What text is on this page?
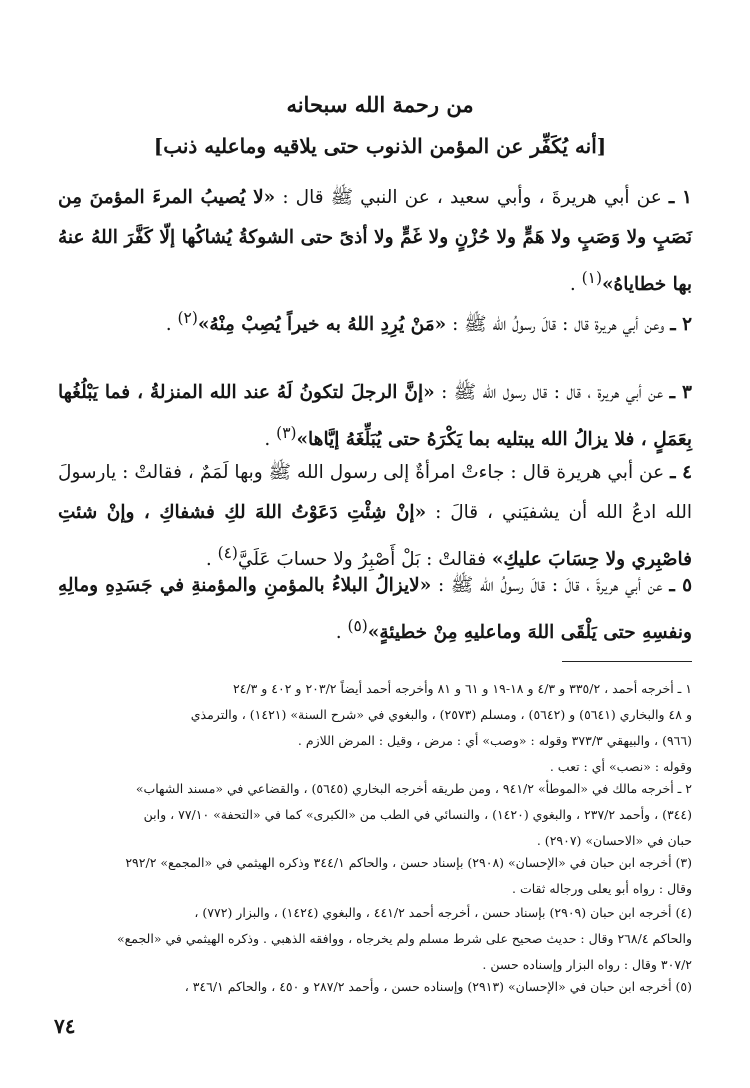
من رحمة الله سبحانه
[أنه يُكَفِّر عن المؤمن الذنوب حتى يلاقيه وماعليه ذنب]
١ ـ عن أبي هريرةَ ، وأبي سعيد ، عن النبي ﷺ قال : «لا يُصيبُ المرءَ المؤمنَ مِن نَصَبٍ ولا وَصَبٍ ولا هَمٍّ ولا حُزْنٍ ولا غَمٍّ ولا أذىً حتى الشوكةُ يُشاكُها إلّا كَفَّرَ اللهُ عنهُ بها خطاياهُ»$^{(١)}$ .
٢ ـ وعن أبي هريرة قال : قالَ رسولُ الله ﷺ : «مَنْ يُرِدِ اللهُ به خيراً يُصِبْ مِنْهُ»$^{(٢)}$ .
٣ ـ عن أبي هريرة ، قال : قال رسول الله ﷺ : «إنَّ الرجلَ لتكونُ لَهُ عند الله المنزلةُ ، فما يَبْلُغُها بِعَمَلٍ ، فلا يزالُ الله يبتليه بما يَكْرَهُ حتى يُبَلِّغَهُ إيَّاها»$^{(٣)}$ .
٤ ـ عن أبي هريرة قال : جاءتْ امرأةٌ إلى رسول الله ﷺ وبها لَمَمٌ ، فقالتْ : يارسولَ الله ادعُ الله أن يشفيَني ، قالَ : «إنْ شِئْتِ دَعَوْتُ اللهَ لكِ فشفاكِ ، وإنْ شئتِ فاصْبِري ولا حِسَابَ عليكِ» فقالتْ : بَلْ أَصْبِرُ ولا حسابَ عَلَيَّ$^{(٤)}$ .
٥ ـ عن أبي هريرةَ ، قالَ : قالَ رسولُ الله ﷺ : «لايزالُ البلاءُ بالمؤمنِ والمؤمنةِ في جَسَدِهِ ومالِهِ ونفسِهِ حتى يَلْقَى اللهَ وماعليهِ مِنْ خطيئةٍ»$^{(٥)}$ .
١ ـ أخرجه أحمد ، ٣٣٥/٢ و ٤/٣ و ١٨-١٩ و ٦١ و ٨١ وأخرجه أحمد أيضاً ٢٠٣/٢ و ٤٠٢ و ٢٤/٣
و ٤٨ والبخاري (٥٦٤١) و (٥٦٤٢) ، ومسلم (٢٥٧٣) ، والبغوي في «شرح السنة» (١٤٢١) ، والترمذي
(٩٦٦) ، والبيهقي ٣٧٣/٣ وقوله : «وصب» أي : مرض ، وقيل : المرض اللازم .
وقوله : «نصب» أي : تعب .
٢ ـ أخرجه مالك في «الموطأ» ٩٤١/٢ ، ومن طريقه أخرجه البخاري (٥٦٤٥) ، والقضاعي في «مسند الشهاب»
(٣٤٤) ، وأحمد ٢٣٧/٢ ، والبغوي (١٤٢٠) ، والنسائي في الطب من «الكبرى» كما في «التحفة» ٧٧/١٠ ، وابن
حبان في «الاحسان» (٢٩٠٧) .
(٣) أخرجه ابن حبان في «الإحسان» (٢٩٠٨) بإسناد حسن ، والحاكم ٣٤٤/١ وذكره الهيثمي في «المجمع» ٢٩٢/٢
وقال : رواه أبو يعلى ورجاله ثقات .
(٤) أخرجه ابن حبان (٢٩٠٩) بإسناد حسن ، أخرجه أحمد ٤٤١/٢ ، والبغوي (١٤٢٤) ، والبزار (٧٧٢) ،
والحاكم ٢٦٨/٤ وقال : حديث صحيح على شرط مسلم ولم يخرجاه ، ووافقه الذهبي . وذكره الهيثمي في «الجمع»
٣٠٧/٢ وقال : رواه البزار وإسناده حسن .
(٥) أخرجه ابن حبان في «الإحسان» (٢٩١٣) وإسناده حسن ، وأحمد ٢٨٧/٢ و ٤٥٠ ، والحاكم ٣٤٦/١ ،
٧٤
